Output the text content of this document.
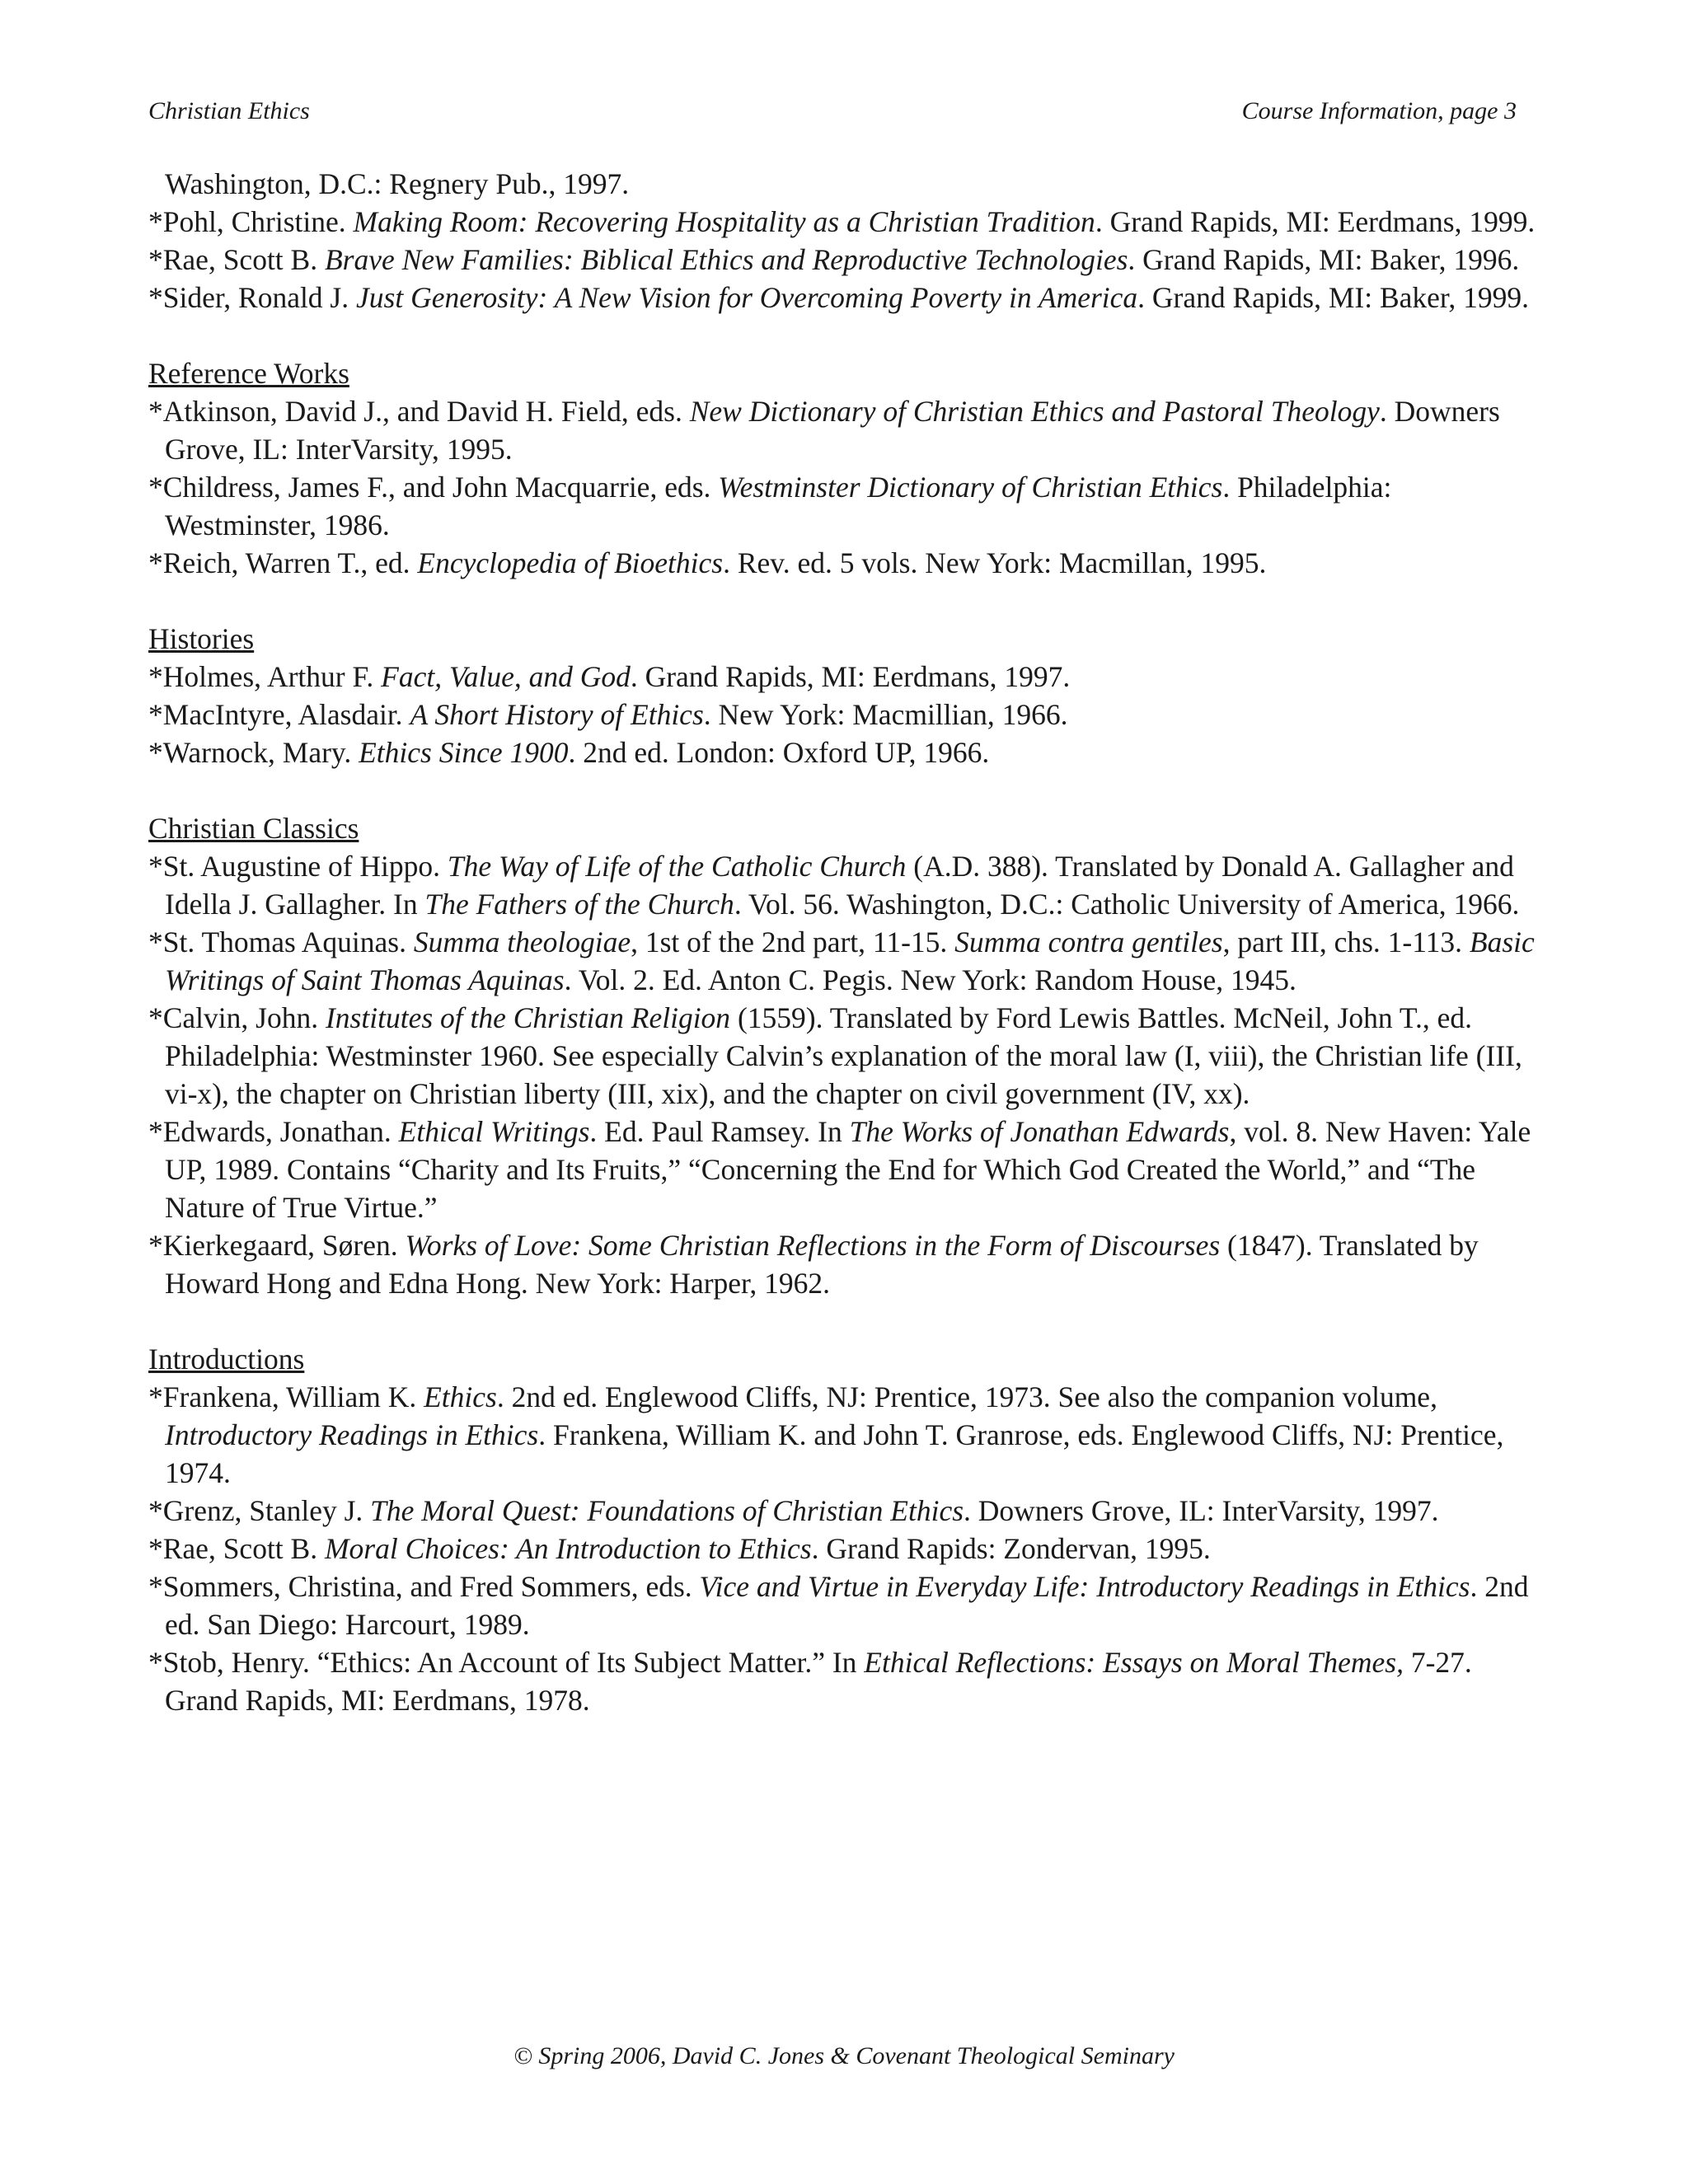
Christian Ethics	Course Information, page 3

Washington, D.C.: Regnery Pub., 1997.

*Pohl, Christine. Making Room: Recovering Hospitality as a Christian Tradition. Grand Rapids, MI: Eerdmans, 1999.

*Rae, Scott B. Brave New Families: Biblical Ethics and Reproductive Technologies. Grand Rapids, MI: Baker, 1996.

*Sider, Ronald J. Just Generosity: A New Vision for Overcoming Poverty in America. Grand Rapids, MI: Baker, 1999.

Reference Works

*Atkinson, David J., and David H. Field, eds. New Dictionary of Christian Ethics and Pastoral Theology. Downers Grove, IL: InterVarsity, 1995.

*Childress, James F., and John Macquarrie, eds. Westminster Dictionary of Christian Ethics. Philadelphia: Westminster, 1986.

*Reich, Warren T., ed. Encyclopedia of Bioethics. Rev. ed. 5 vols. New York: Macmillan, 1995.

Histories

*Holmes, Arthur F. Fact, Value, and God. Grand Rapids, MI: Eerdmans, 1997.

*MacIntyre, Alasdair. A Short History of Ethics. New York: Macmillian, 1966.

*Warnock, Mary. Ethics Since 1900. 2nd ed. London: Oxford UP, 1966.

Christian Classics

*St. Augustine of Hippo. The Way of Life of the Catholic Church (A.D. 388). Translated by Donald A. Gallagher and Idella J. Gallagher. In The Fathers of the Church. Vol. 56. Washington, D.C.: Catholic University of America, 1966.

*St. Thomas Aquinas. Summa theologiae, 1st of the 2nd part, 11-15. Summa contra gentiles, part III, chs. 1-113. Basic Writings of Saint Thomas Aquinas. Vol. 2. Ed. Anton C. Pegis. New York: Random House, 1945.

*Calvin, John. Institutes of the Christian Religion (1559). Translated by Ford Lewis Battles. McNeil, John T., ed. Philadelphia: Westminster 1960. See especially Calvin’s explanation of the moral law (I, viii), the Christian life (III, vi-x), the chapter on Christian liberty (III, xix), and the chapter on civil government (IV, xx).

*Edwards, Jonathan. Ethical Writings. Ed. Paul Ramsey. In The Works of Jonathan Edwards, vol. 8. New Haven: Yale UP, 1989. Contains “Charity and Its Fruits,” “Concerning the End for Which God Created the World,” and “The Nature of True Virtue.”

*Kierkegaard, Søren. Works of Love: Some Christian Reflections in the Form of Discourses (1847). Translated by Howard Hong and Edna Hong. New York: Harper, 1962.

Introductions

*Frankena, William K. Ethics. 2nd ed. Englewood Cliffs, NJ: Prentice, 1973. See also the companion volume, Introductory Readings in Ethics. Frankena, William K. and John T. Granrose, eds. Englewood Cliffs, NJ: Prentice, 1974.

*Grenz, Stanley J. The Moral Quest: Foundations of Christian Ethics. Downers Grove, IL: InterVarsity, 1997.

*Rae, Scott B. Moral Choices: An Introduction to Ethics. Grand Rapids: Zondervan, 1995.

*Sommers, Christina, and Fred Sommers, eds. Vice and Virtue in Everyday Life: Introductory Readings in Ethics. 2nd ed. San Diego: Harcourt, 1989.

*Stob, Henry. “Ethics: An Account of Its Subject Matter.” In Ethical Reflections: Essays on Moral Themes, 7-27. Grand Rapids, MI: Eerdmans, 1978.

© Spring 2006, David C. Jones & Covenant Theological Seminary
